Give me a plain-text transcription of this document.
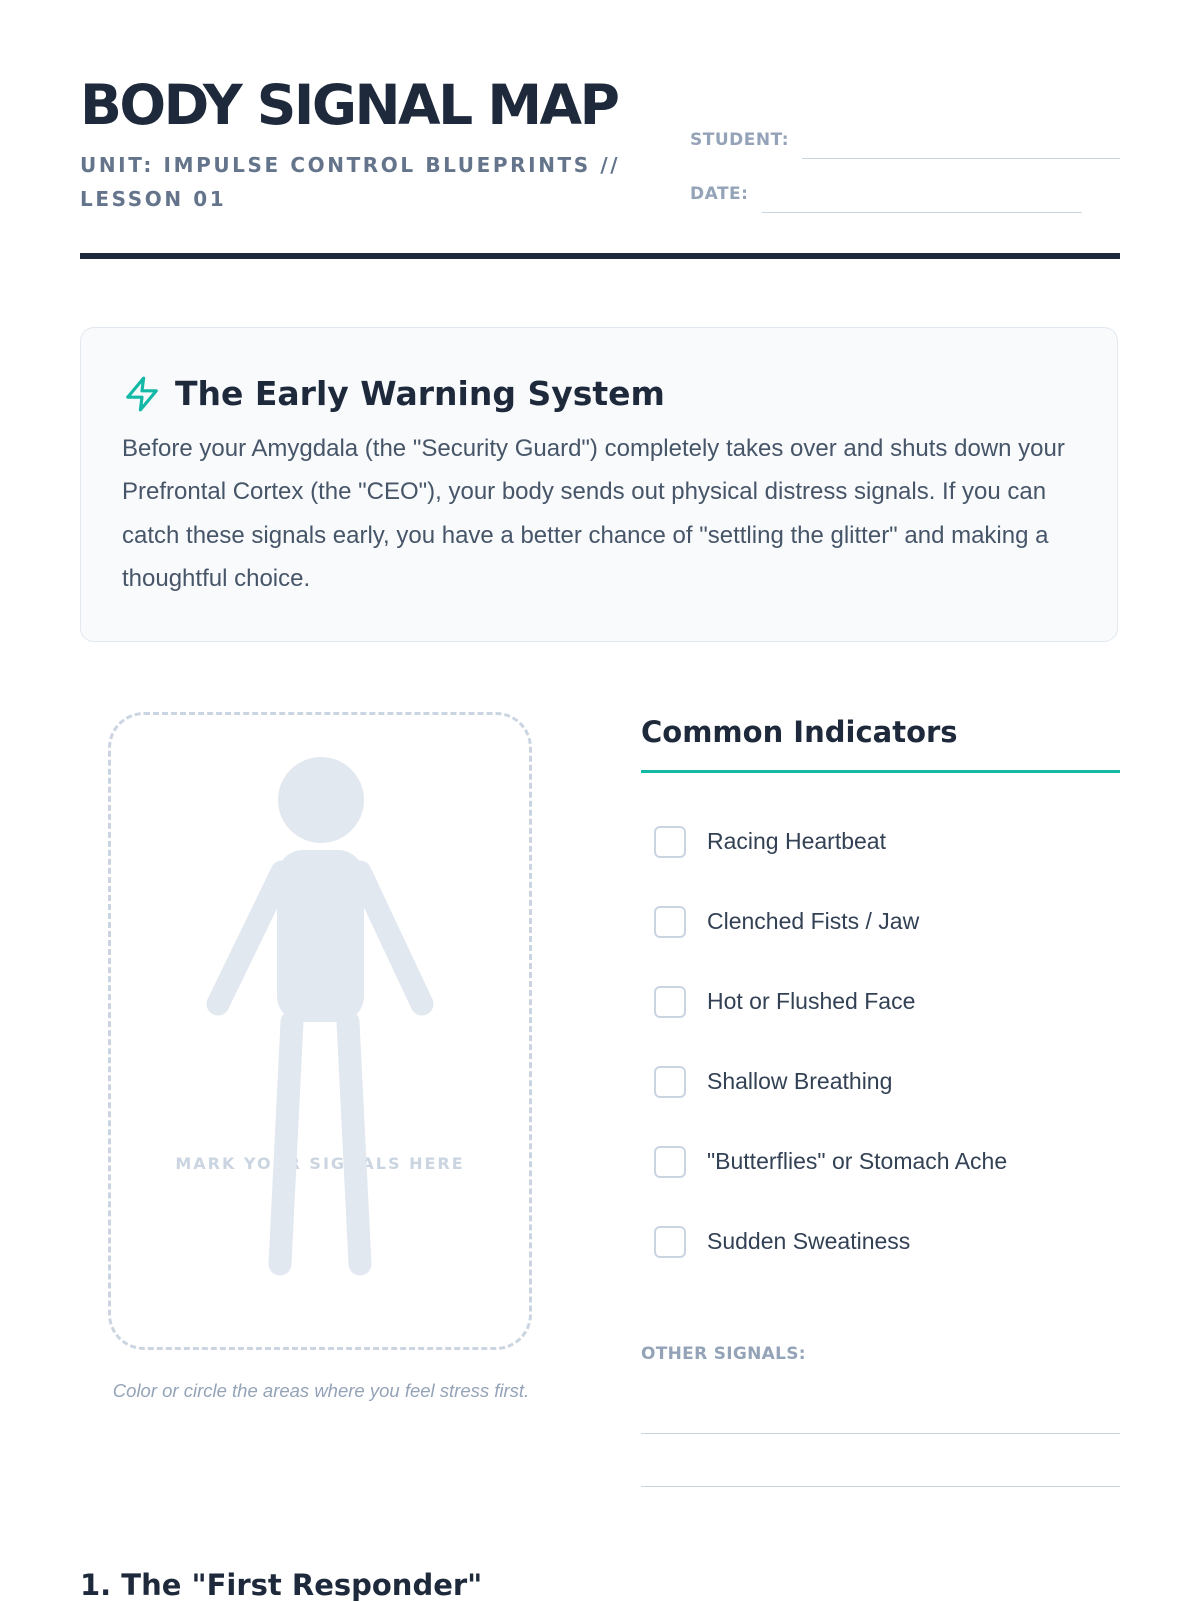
BODY SIGNAL MAP
UNIT: IMPULSE CONTROL BLUEPRINTS // LESSON 01
STUDENT:
DATE:
The Early Warning System
Before your Amygdala (the "Security Guard") completely takes over and shuts down your Prefrontal Cortex (the "CEO"), your body sends out physical distress signals. If you can catch these signals early, you have a better chance of "settling the glitter" and making a thoughtful choice.
MARK YOUR SIGNALS HERE
Color or circle the areas where you feel stress first.
Common Indicators
Racing Heartbeat
Clenched Fists / Jaw
Hot or Flushed Face
Shallow Breathing
"Butterflies" or Stomach Ache
Sudden Sweatiness
OTHER SIGNALS:
1. The "First Responder"
